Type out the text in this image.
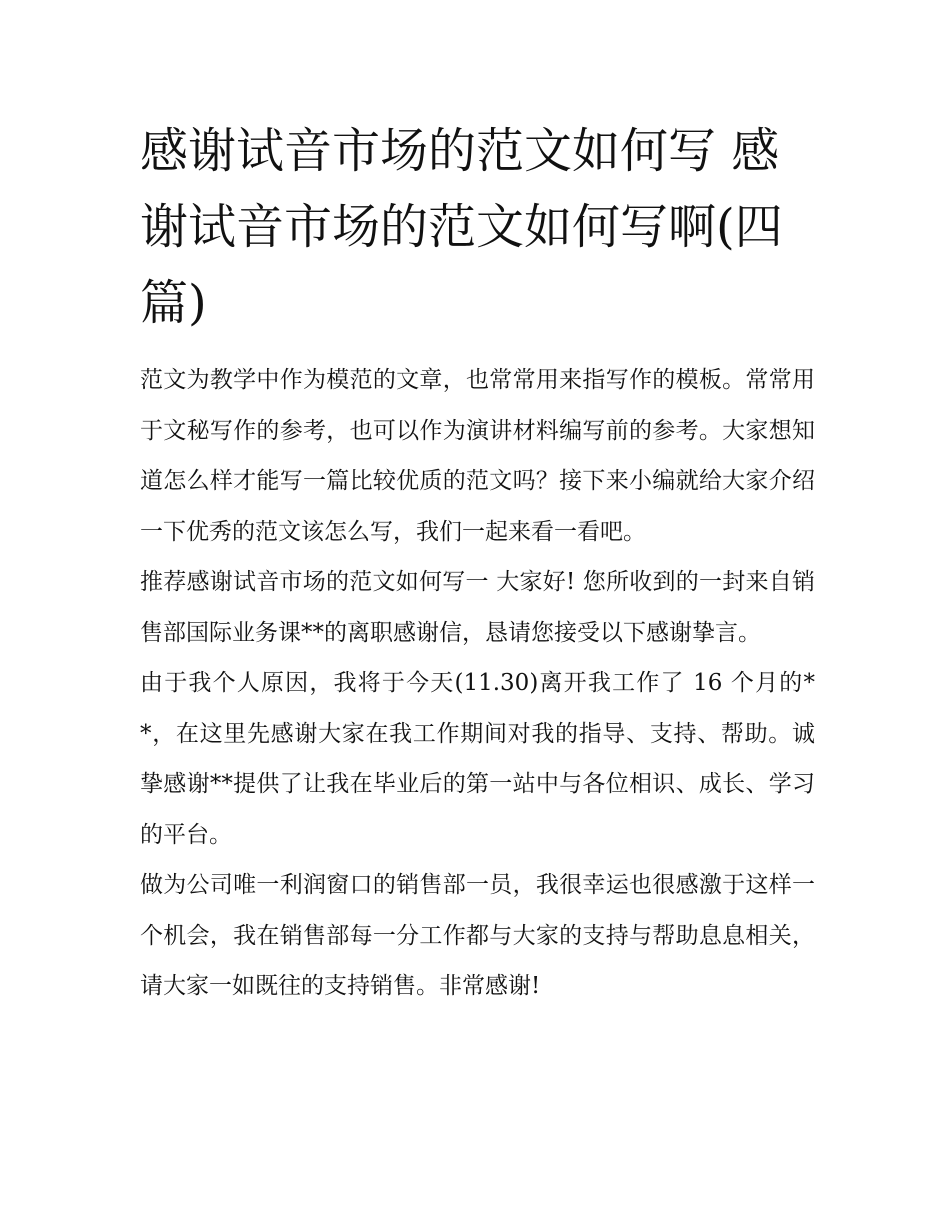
感谢试音市场的范文如何写 感谢试音市场的范文如何写啊(四篇)

范文为教学中作为模范的文章，也常常用来指写作的模板。常常用于文秘写作的参考，也可以作为演讲材料编写前的参考。大家想知道怎么样才能写一篇比较优质的范文吗？接下来小编就给大家介绍一下优秀的范文该怎么写，我们一起来看一看吧。

推荐感谢试音市场的范文如何写一 大家好! 您所收到的一封来自销售部国际业务课**的离职感谢信，恳请您接受以下感谢挚言。

由于我个人原因，我将于今天(11.30)离开我工作了 16 个月的**，在这里先感谢大家在我工作期间对我的指导、支持、帮助。诚挚感谢**提供了让我在毕业后的第一站中与各位相识、成长、学习的平台。

做为公司唯一利润窗口的销售部一员，我很幸运也很感激于这样一个机会，我在销售部每一分工作都与大家的支持与帮助息息相关，请大家一如既往的支持销售。非常感谢!
